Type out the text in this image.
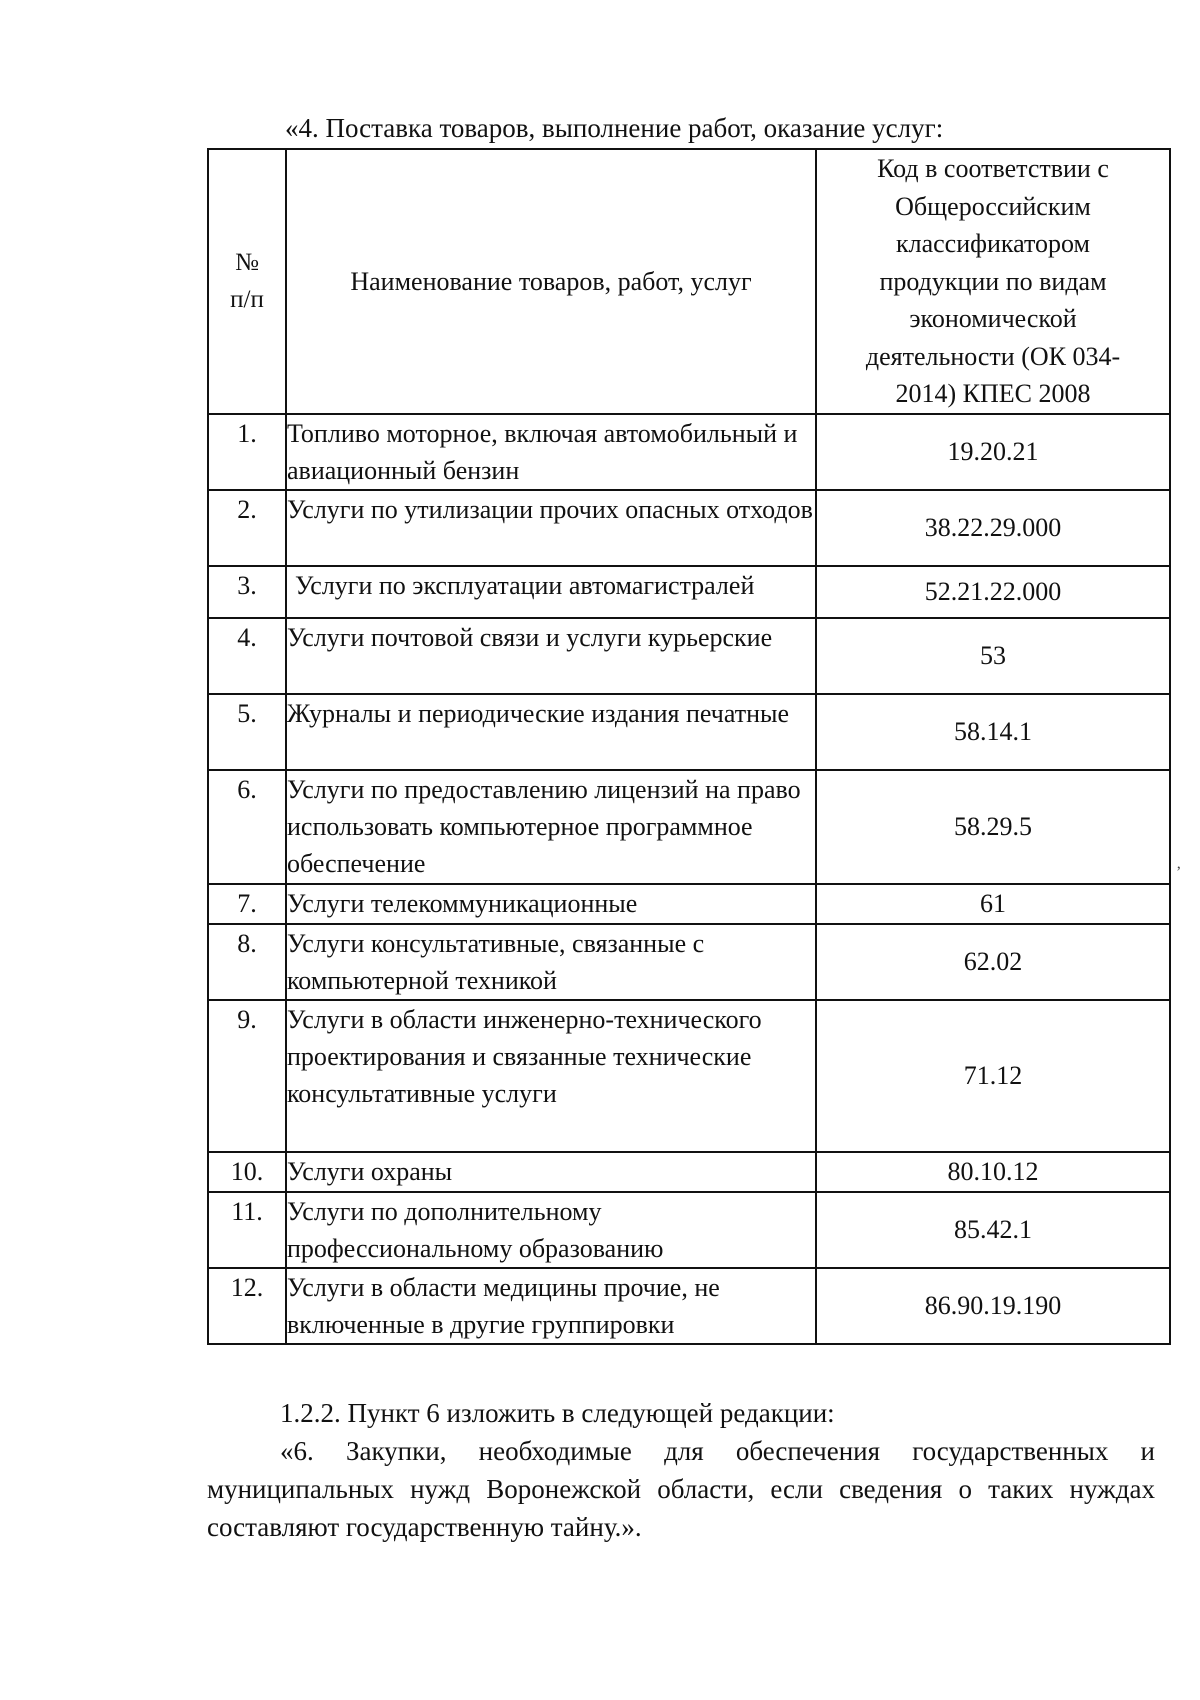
«4. Поставка товаров, выполнение работ, оказание услуг:
№ п/п	Наименование товаров, работ, услуг	Код в соответствии с Общероссийским классификатором продукции по видам экономической деятельности (ОК 034-2014) КПЕС 2008

1.	Топливо моторное, включая автомобильный и авиационный бензин	19.20.21
2.	Услуги по утилизации прочих опасных отходов	38.22.29.000
3.	Услуги по эксплуатации автомагистралей	52.21.22.000
4.	Услуги почтовой связи и услуги курьерские	53
5.	Журналы и периодические издания печатные	58.14.1
6.	Услуги по предоставлению лицензий на право использовать компьютерное программное обеспечение	58.29.5
7.	Услуги телекоммуникационные	61
8.	Услуги консультативные, связанные с компьютерной техникой	62.02
9.	Услуги в области инженерно-технического проектирования и связанные технические консультативные услуги	71.12
10.	Услуги охраны	80.10.12
11.	Услуги по дополнительному профессиональному образованию	85.42.1
12.	Услуги в области медицины прочие, не включенные в другие группировки	86.90.19.190
’
1.2.2. Пункт 6 изложить в следующей редакции:
«6. Закупки, необходимые для обеспечения государственных и муниципальных нужд Воронежской области, если сведения о таких нуждах составляют государственную тайну.».
